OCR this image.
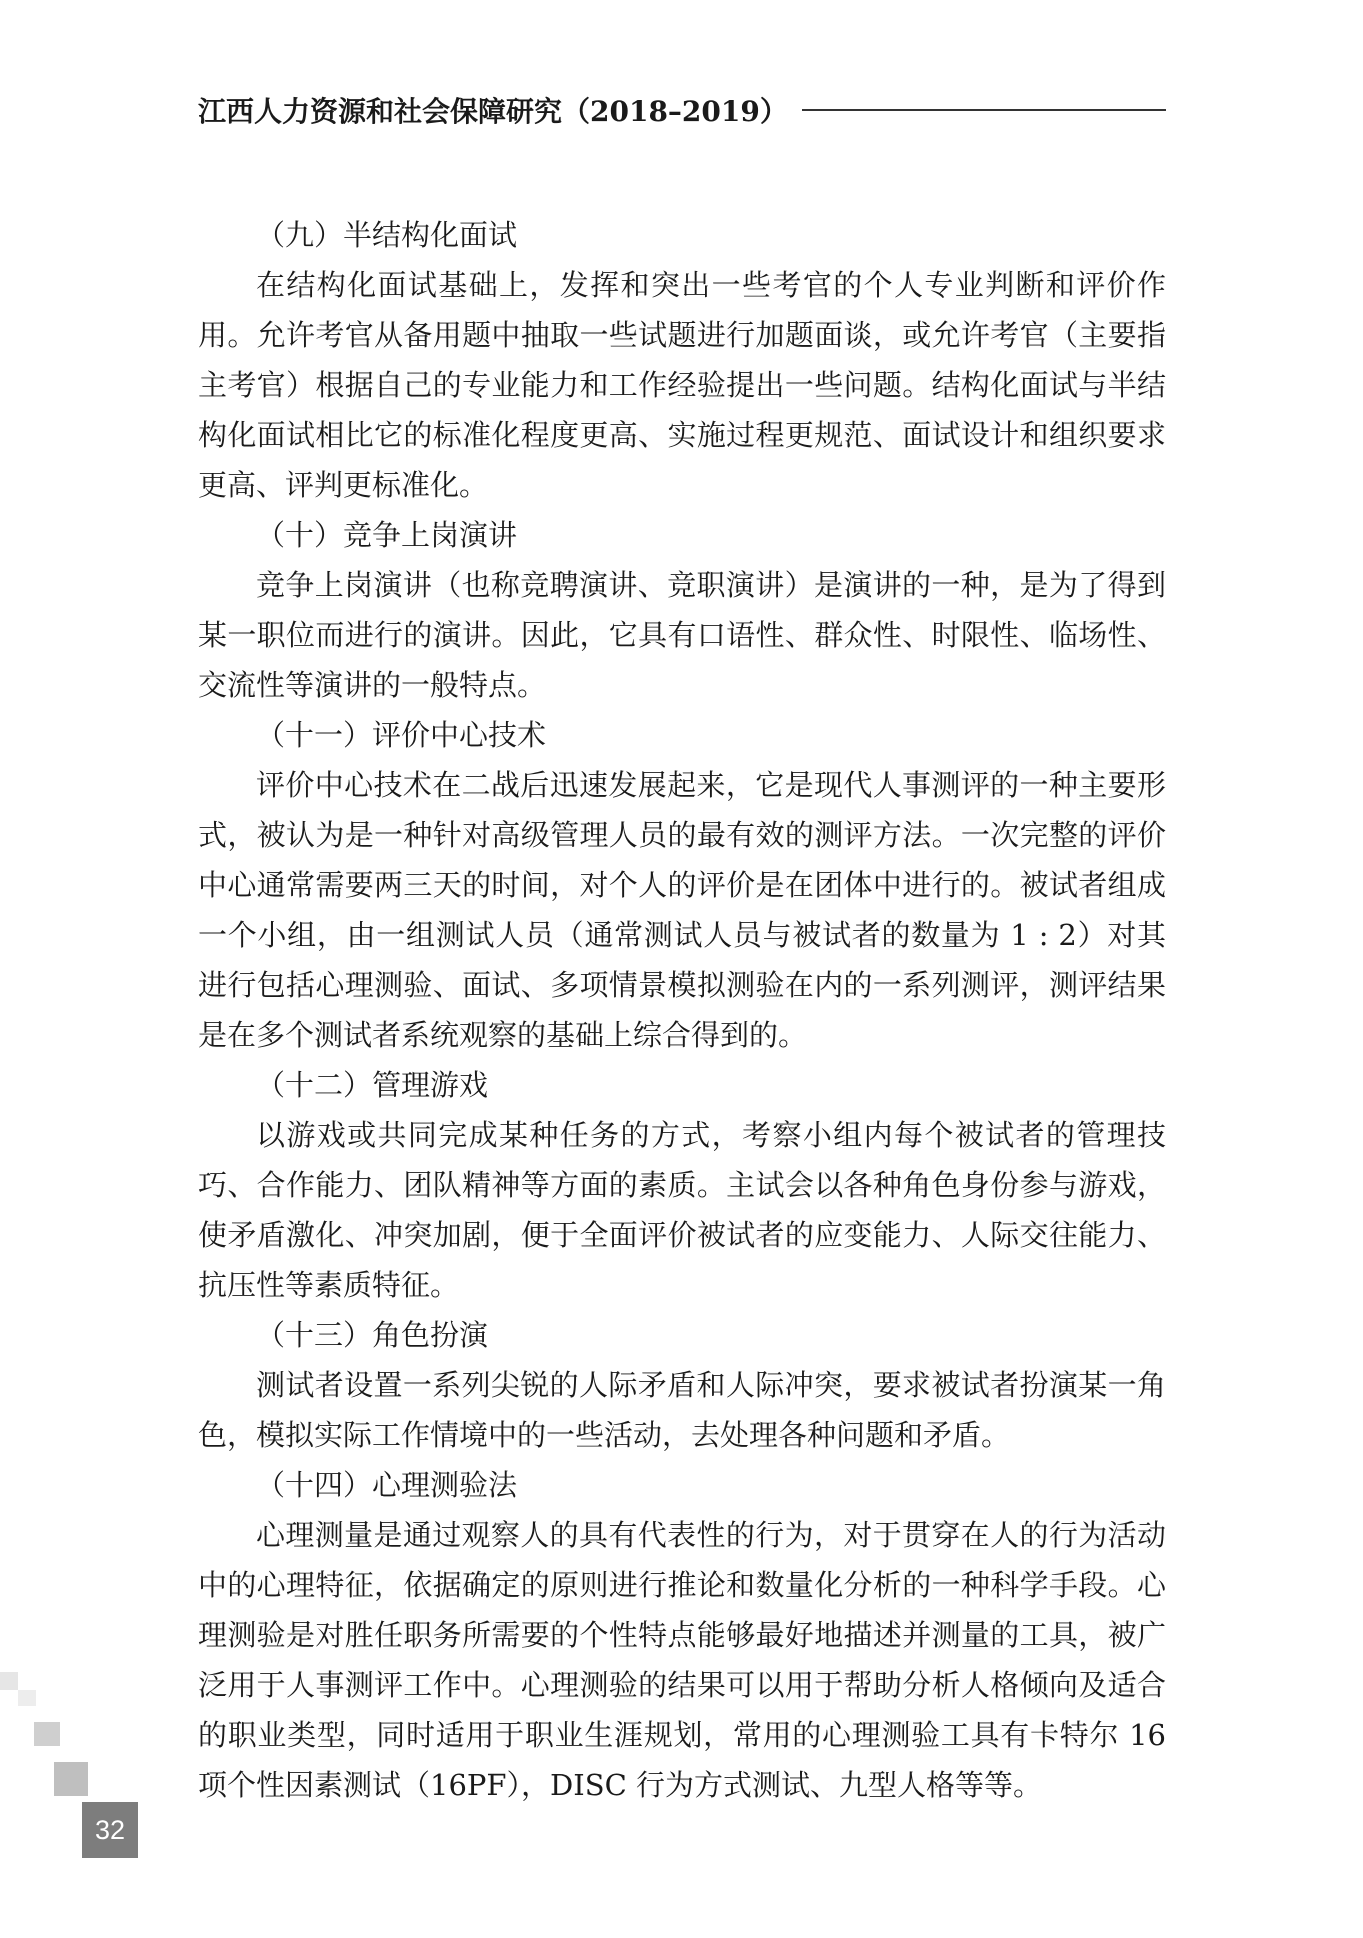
江西人力资源和社会保障研究（2018–2019）

（九）半结构化面试

在结构化面试基础上，发挥和突出一些考官的个人专业判断和评价作用。允许考官从备用题中抽取一些试题进行加题面谈，或允许考官（主要指主考官）根据自己的专业能力和工作经验提出一些问题。结构化面试与半结构化面试相比它的标准化程度更高、实施过程更规范、面试设计和组织要求更高、评判更标准化。

（十）竞争上岗演讲

竞争上岗演讲（也称竞聘演讲、竞职演讲）是演讲的一种，是为了得到某一职位而进行的演讲。因此，它具有口语性、群众性、时限性、临场性、交流性等演讲的一般特点。

（十一）评价中心技术

评价中心技术在二战后迅速发展起来，它是现代人事测评的一种主要形式，被认为是一种针对高级管理人员的最有效的测评方法。一次完整的评价中心通常需要两三天的时间，对个人的评价是在团体中进行的。被试者组成一个小组，由一组测试人员（通常测试人员与被试者的数量为 1 : 2）对其进行包括心理测验、面试、多项情景模拟测验在内的一系列测评，测评结果是在多个测试者系统观察的基础上综合得到的。

（十二）管理游戏

以游戏或共同完成某种任务的方式，考察小组内每个被试者的管理技巧、合作能力、团队精神等方面的素质。主试会以各种角色身份参与游戏，使矛盾激化、冲突加剧，便于全面评价被试者的应变能力、人际交往能力、抗压性等素质特征。

（十三）角色扮演

测试者设置一系列尖锐的人际矛盾和人际冲突，要求被试者扮演某一角色，模拟实际工作情境中的一些活动，去处理各种问题和矛盾。

（十四）心理测验法

心理测量是通过观察人的具有代表性的行为，对于贯穿在人的行为活动中的心理特征，依据确定的原则进行推论和数量化分析的一种科学手段。心理测验是对胜任职务所需要的个性特点能够最好地描述并测量的工具，被广泛用于人事测评工作中。心理测验的结果可以用于帮助分析人格倾向及适合的职业类型，同时适用于职业生涯规划，常用的心理测验工具有卡特尔 16 项个性因素测试（16PF），DISC 行为方式测试、九型人格等等。

32
